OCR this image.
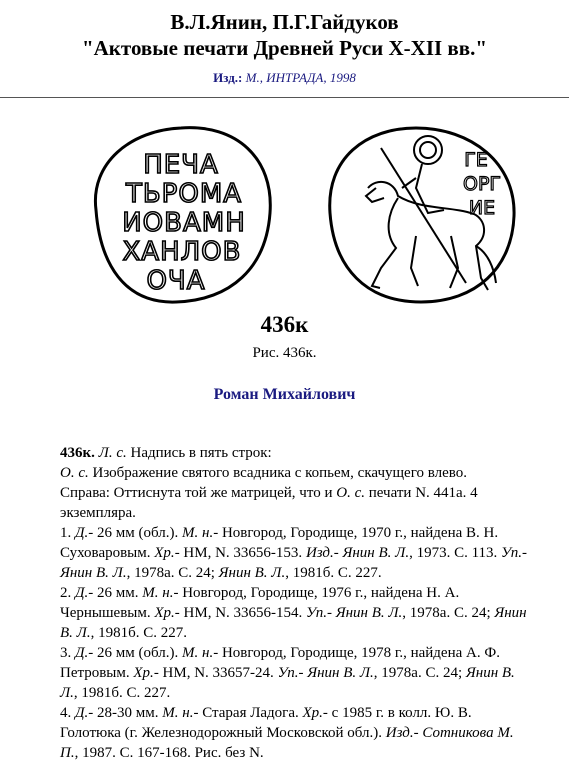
В.Л.Янин, П.Г.Гайдуков
"Актовые печати Древней Руси X-XII вв."
Изд.: М., ИНТРАДА, 1998
ПЕЧА
ТЬРОМА
ИОВАМН
ХАНЛОВ
ОЧА
ГЕ
ОРГ
ИЕ
436к
Рис. 436к.
Роман Михайлович

436к. Л. с. Надпись в пять строк:

О. с. Изображение святого всадника с копьем, скачущего влево.

Справа: Оттиснута той же матрицей, что и О. с. печати N. 441а. 4 экземпляра.

1. Д.- 26 мм (обл.). М. н.- Новгород, Городище, 1970 г., найдена В. Н. Суховаровым. Хр.- НМ, N. 33656-153. Изд.- Янин В. Л., 1973. С. 113. Уп.- Янин В. Л., 1978а. С. 24; Янин В. Л., 1981б. С. 227.

2. Д.- 26 мм. М. н.- Новгород, Городище, 1976 г., найдена Н. А. Чернышевым. Хр.- НМ, N. 33656-154. Уп.- Янин В. Л., 1978а. С. 24; Янин В. Л., 1981б. С. 227.

3. Д.- 26 мм (обл.). М. н.- Новгород, Городище, 1978 г., найдена А. Ф. Петровым. Хр.- НМ, N. 33657-24. Уп.- Янин В. Л., 1978а. С. 24; Янин В. Л., 1981б. С. 227.

4. Д.- 28-30 мм. М. н.- Старая Ладога. Хр.- с 1985 г. в колл. Ю. В. Голотюка (г. Железнодорожный Московской обл.). Изд.- Сотникова М. П., 1987. С. 167-168. Рис. без N.
